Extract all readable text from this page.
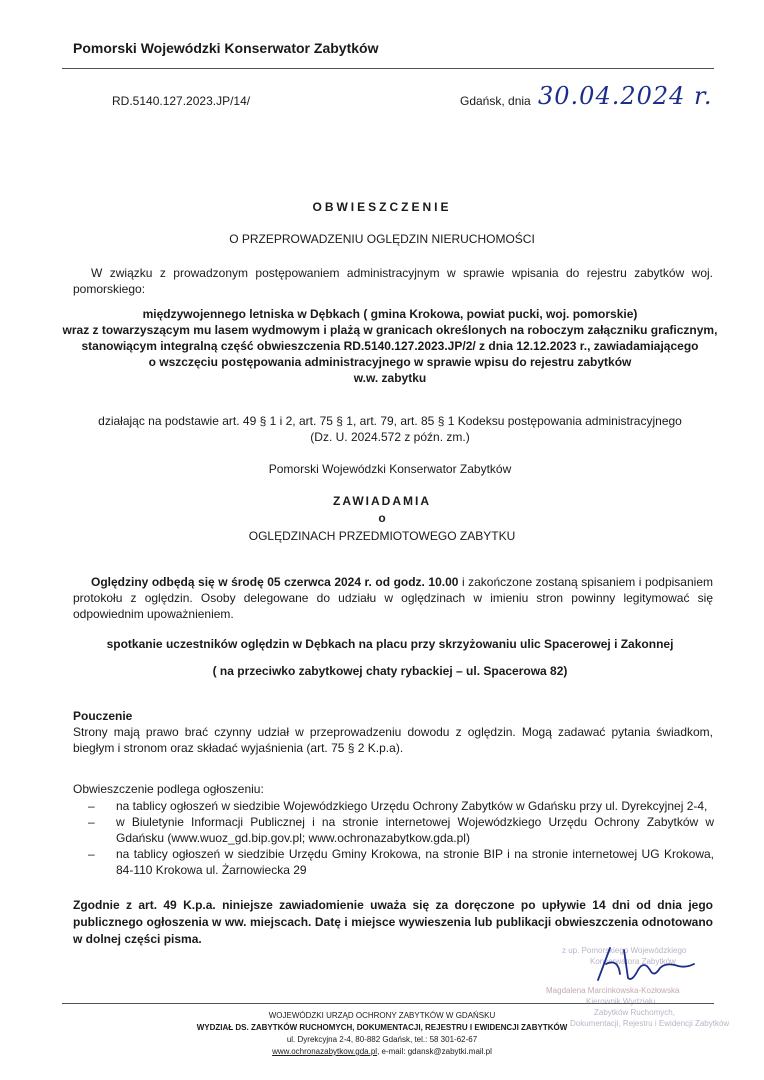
Pomorski Wojewódzki Konserwator Zabytków
RD.5140.127.2023.JP/14/	Gdańsk, dnia 30.04.2024 r.
OBWIESZCZENIE
O PRZEPROWADZENIU OGLĘDZIN NIERUCHOMOŚCI
W związku z prowadzonym postępowaniem administracyjnym w sprawie wpisania do rejestru zabytków woj. pomorskiego:
międzywojennego letniska w Dębkach ( gmina Krokowa, powiat pucki, woj. pomorskie)
wraz z towarzyszącym mu lasem wydmowym i plażą w granicach określonych na roboczym załączniku graficznym,
stanowiącym integralną część obwieszczenia RD.5140.127.2023.JP/2/ z dnia 12.12.2023 r., zawiadamiającego
o wszczęciu postępowania administracyjnego w sprawie wpisu do rejestru zabytków
w.w. zabytku
działając na podstawie art. 49 § 1 i 2, art. 75 § 1, art. 79, art. 85 § 1 Kodeksu postępowania administracyjnego
(Dz. U. 2024.572 z późn. zm.)
Pomorski Wojewódzki Konserwator Zabytków
ZAWIADAMIA
o
OGLĘDZINACH PRZEDMIOTOWEGO ZABYTKU
Oględziny odbędą się w środę 05 czerwca 2024 r. od godz. 10.00 i zakończone zostaną spisaniem i podpisaniem protokołu z oględzin. Osoby delegowane do udziału w oględzinach w imieniu stron powinny legitymować się odpowiednim upoważnieniem.
spotkanie uczestników oględzin w Dębkach na placu przy skrzyżowaniu ulic Spacerowej i Zakonnej
( na przeciwko zabytkowej chaty rybackiej – ul. Spacerowa 82)
Pouczenie
Strony mają prawo brać czynny udział w przeprowadzeniu dowodu z oględzin. Mogą zadawać pytania świadkom, biegłym i stronom oraz składać wyjaśnienia (art. 75 § 2 K.p.a).
Obwieszczenie podlega ogłoszeniu:
– na tablicy ogłoszeń w siedzibie Wojewódzkiego Urzędu Ochrony Zabytków w Gdańsku przy ul. Dyrekcyjnej 2-4,
– w Biuletynie Informacji Publicznej i na stronie internetowej Wojewódzkiego Urzędu Ochrony Zabytków w Gdańsku (www.wuoz_gd.bip.gov.pl; www.ochronazabytkow.gda.pl)
– na tablicy ogłoszeń w siedzibie Urzędu Gminy Krokowa, na stronie BIP i na stronie internetowej UG Krokowa, 84-110 Krokowa ul. Żarnowiecka 29
Zgodnie z art. 49 K.p.a. niniejsze zawiadomienie uważa się za doręczone po upływie 14 dni od dnia jego publicznego ogłoszenia w ww. miejscach. Datę i miejsce wywieszenia lub publikacji obwieszczenia odnotowano w dolnej części pisma.
z up. Pomorskiego Wojewódzkiego
Konserwatora Zabytków
Magdalena Marcinkowska-Kozłowska
Kierownik Wydziału
Zabytków Ruchomych,
Dokumentacji, Rejestru i Ewidencji Zabytków
WOJEWÓDZKI URZĄD OCHRONY ZABYTKÓW W GDAŃSKU
WYDZIAŁ DS. ZABYTKÓW RUCHOMYCH, DOKUMENTACJI, REJESTRU I EWIDENCJI ZABYTKÓW
ul. Dyrekcyjna 2-4, 80-882 Gdańsk, tel.: 58 301-62-67
www.ochronazabytkow.gda.pl, e-mail: gdansk@zabytki.mail.pl
